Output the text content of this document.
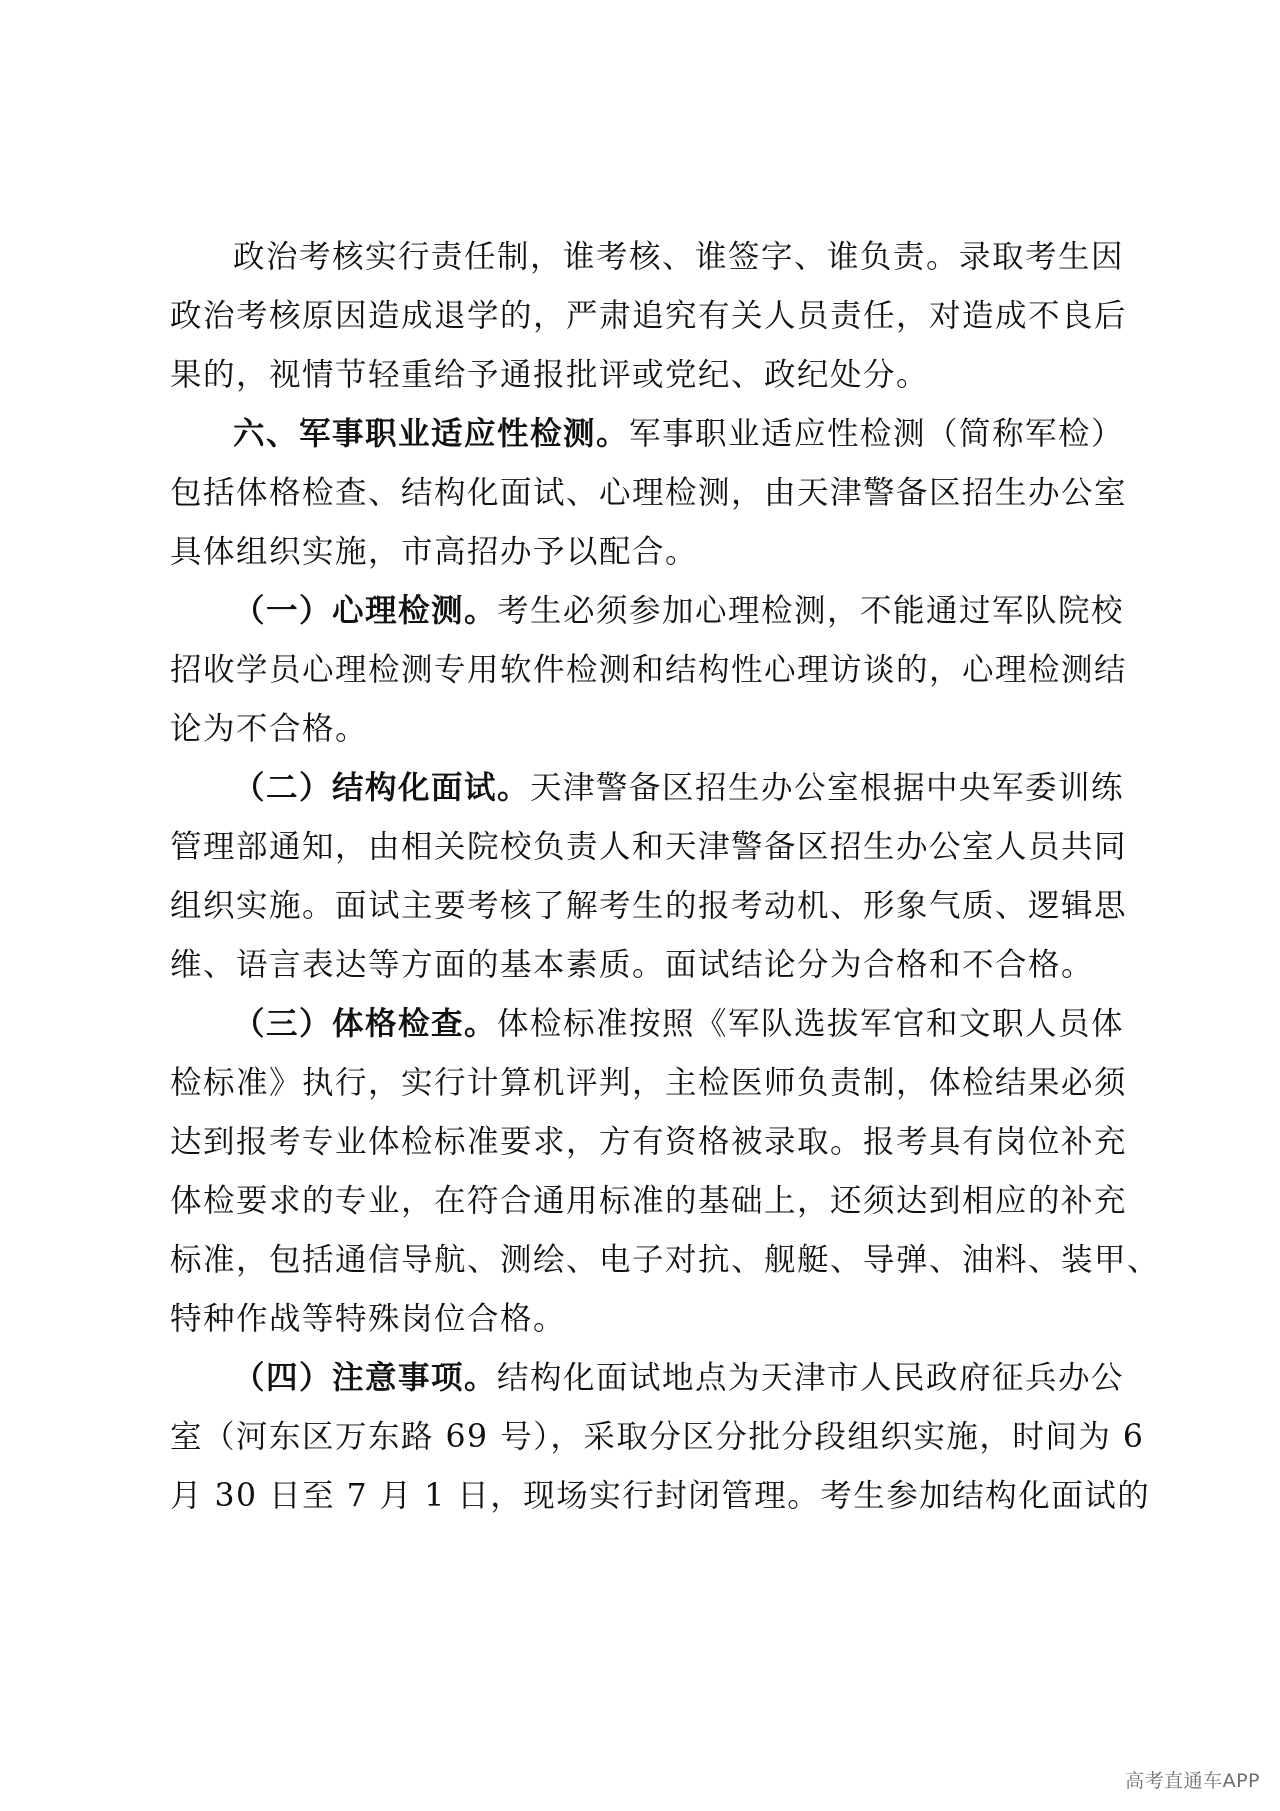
政治考核实行责任制，谁考核、谁签字、谁负责。录取考生因
政治考核原因造成退学的，严肃追究有关人员责任，对造成不良后
果的，视情节轻重给予通报批评或党纪、政纪处分。
六、军事职业适应性检测。军事职业适应性检测（简称军检）
包括体格检查、结构化面试、心理检测，由天津警备区招生办公室
具体组织实施，市高招办予以配合。
（一）心理检测。考生必须参加心理检测，不能通过军队院校
招收学员心理检测专用软件检测和结构性心理访谈的，心理检测结
论为不合格。
（二）结构化面试。天津警备区招生办公室根据中央军委训练
管理部通知，由相关院校负责人和天津警备区招生办公室人员共同
组织实施。面试主要考核了解考生的报考动机、形象气质、逻辑思
维、语言表达等方面的基本素质。面试结论分为合格和不合格。
（三）体格检查。体检标准按照《军队选拔军官和文职人员体
检标准》执行，实行计算机评判，主检医师负责制，体检结果必须
达到报考专业体检标准要求，方有资格被录取。报考具有岗位补充
体检要求的专业，在符合通用标准的基础上，还须达到相应的补充
标准，包括通信导航、测绘、电子对抗、舰艇、导弹、油料、装甲、
特种作战等特殊岗位合格。
（四）注意事项。结构化面试地点为天津市人民政府征兵办公
室（河东区万东路 69 号），采取分区分批分段组织实施，时间为 6
月 30 日至 7 月 1 日，现场实行封闭管理。考生参加结构化面试的
高考直通车APP
